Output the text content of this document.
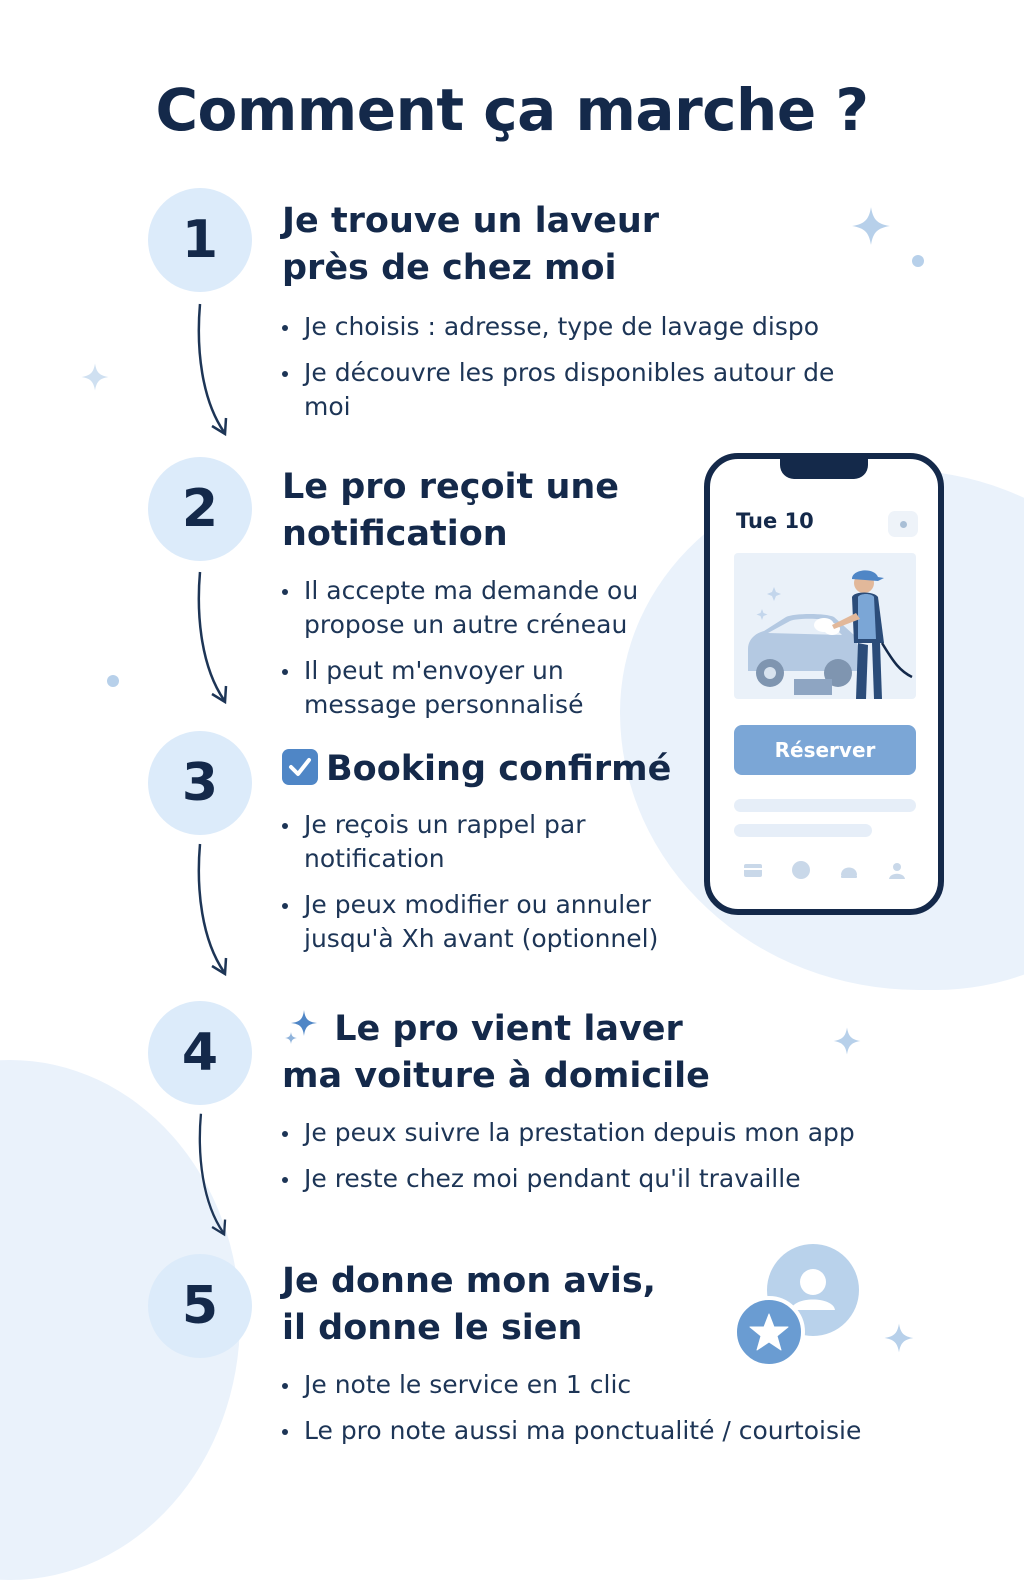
Comment ça marche ?
1	Je trouve un laveur près de chez moi
Je choisis : adresse, type de lavage dispo
Je découvre les pros disponibles autour de moi
2	Le pro reçoit une notification
Il accepte ma demande ou propose un autre créneau
Il peut m'envoyer un message personnalisé
3	Booking confirmé
Je reçois un rappel par notification
Je peux modifier ou annuler jusqu'à Xh avant (optionnel)
4	Le pro vient laver ma voiture à domicile
Je peux suivre la prestation depuis mon app
Je reste chez moi pendant qu'il travaille
5	Je donne mon avis, il donne le sien
Je note le service en 1 clic
Le pro note aussi ma ponctualité / courtoisie
Tue 10
Réserver
